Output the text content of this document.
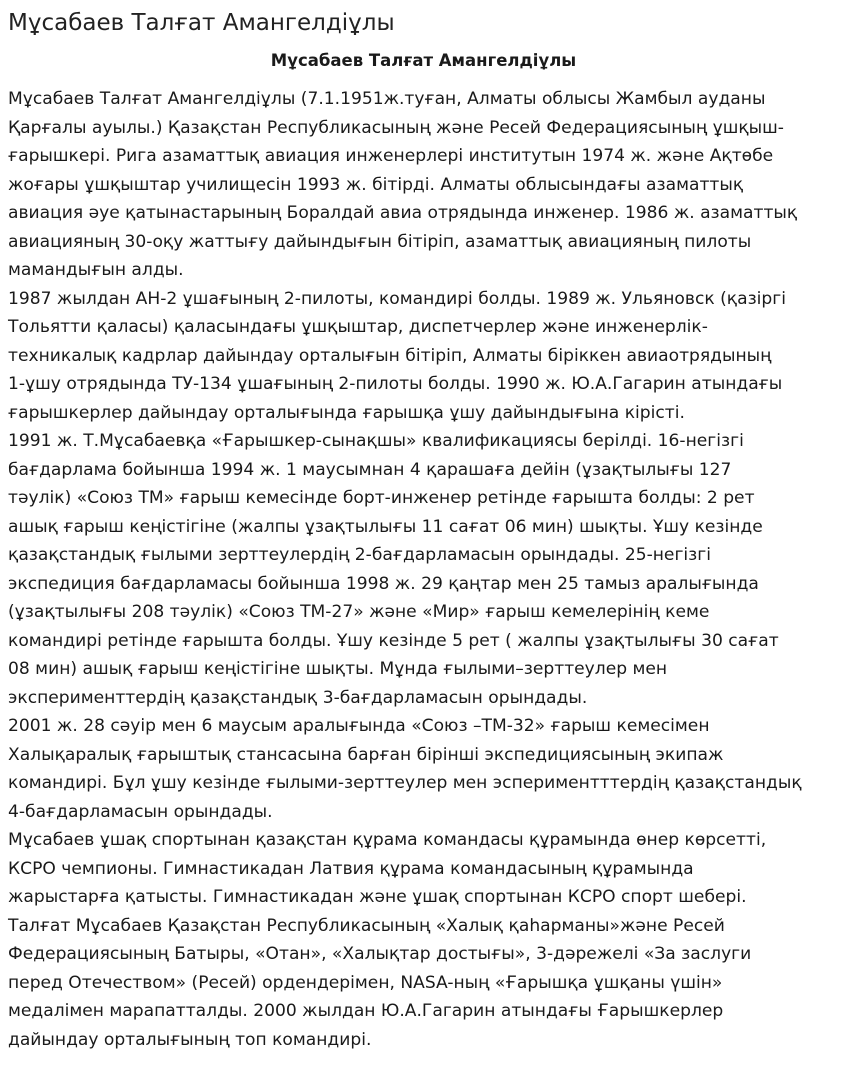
Мұсабаев Талғат Амангелдіұлы
Мұсабаев Талғат Амангелдіұлы

Мұсабаев Талғат Амангелдіұлы (7.1.1951ж.туған, Алматы облысы Жамбыл ауданы
Қарғалы ауылы.) Қазақстан Республикасының және Ресей Федерациясының ұшқыш-
ғарышкері. Рига азаматтық авиация инженерлері институтын 1974 ж. және Ақтөбе
жоғары ұшқыштар училищесін 1993 ж. бітірді. Алматы облысындағы азаматтық
авиация әуе қатынастарының Боралдай авиа отрядында инженер. 1986 ж. азаматтық
авиацияның 30-оқу жаттығу дайындығын бітіріп, азаматтық авиацияның пилоты
мамандығын алды.

1987 жылдан АН-2 ұшағының 2-пилоты, командирі болды. 1989 ж. Ульяновск (қазіргі
Тольятти қаласы) қаласындағы ұшқыштар, диспетчерлер және инженерлік-
техникалық кадрлар дайындау орталығын бітіріп, Алматы біріккен авиаотрядының
1-ұшу отрядында ТУ-134 ұшағының 2-пилоты болды. 1990 ж. Ю.А.Гагарин атындағы
ғарышкерлер дайындау орталығында ғарышқа ұшу дайындығына кірісті.

1991 ж. Т.Мұсабаевқа «Ғарышкер-сынақшы» квалификациясы берілді. 16-негізгі
бағдарлама бойынша 1994 ж. 1 маусымнан 4 қарашаға дейін (ұзақтылығы 127
тәулік) «Союз ТМ» ғарыш кемесінде борт-инженер ретінде ғарышта болды: 2 рет
ашық ғарыш кеңістігіне (жалпы ұзақтылығы 11 сағат 06 мин) шықты. Ұшу кезінде
қазақстандық ғылыми зерттеулердің 2-бағдарламасын орындады. 25-негізгі
экспедиция бағдарламасы бойынша 1998 ж. 29 қаңтар мен 25 тамыз аралығында
(ұзақтылығы 208 тәулік) «Союз ТМ-27» және «Мир» ғарыш кемелерінің кеме
командирі ретінде ғарышта болды. Ұшу кезінде 5 рет ( жалпы ұзақтылығы 30 сағат
08 мин) ашық ғарыш кеңістігіне шықты. Мұнда ғылыми–зерттеулер мен
эксперименттердің қазақстандық 3-бағдарламасын орындады.

2001 ж. 28 сәуір мен 6 маусым аралығында «Союз –ТМ-32» ғарыш кемесімен
Халықаралық ғарыштық стансасына барған бірінші экспедициясының экипаж
командирі. Бұл ұшу кезінде ғылыми-зерттеулер мен эспериментттердің қазақстандық
4-бағдарламасын орындады.

Мұсабаев ұшақ спортынан қазақстан құрама командасы құрамында өнер көрсетті,
КСРО чемпионы. Гимнастикадан Латвия құрама командасының құрамында
жарыстарға қатысты. Гимнастикадан және ұшақ спортынан КСРО спорт шебері.
Талғат Мұсабаев Қазақстан Республикасының «Халық қаһарманы»және Ресей
Федерациясының Батыры, «Отан», «Халықтар достығы», 3-дәрежелі «За заслуги
перед Отечеством» (Ресей) ордендерімен, NASA-ның «Ғарышқа ұшқаны үшін»
медалімен марапатталды. 2000 жылдан Ю.А.Гагарин атындағы Ғарышкерлер
дайындау орталығының топ командирі.
